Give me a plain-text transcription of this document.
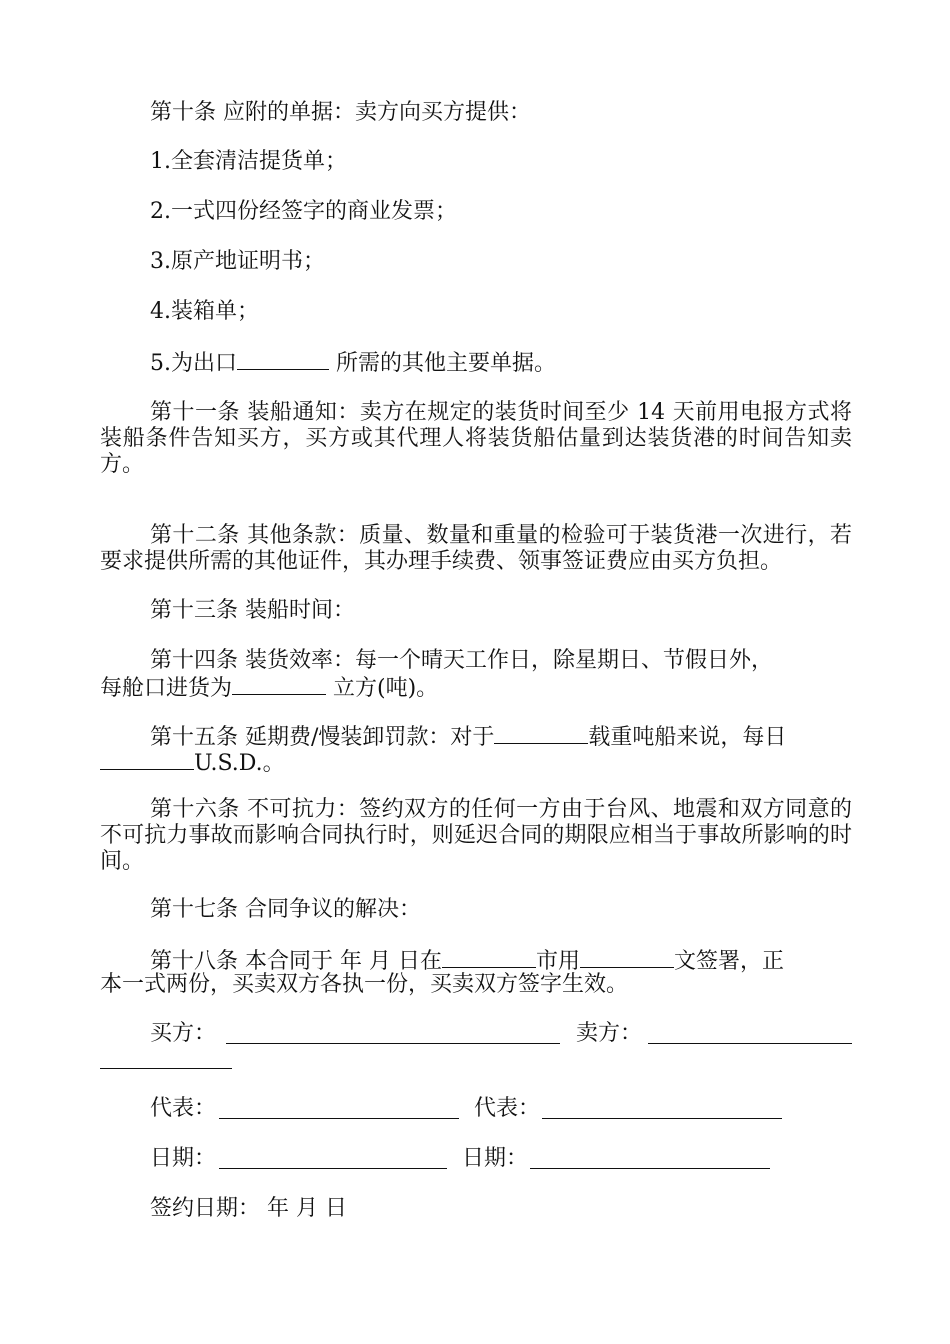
第十条 应附的单据：卖方向买方提供：
1.全套清洁提货单；
2.一式四份经签字的商业发票；
3.原产地证明书；
4.装箱单；
5.为出口	所需的其他主要单据。
第十一条 装船通知：卖方在规定的装货时间至少 14 天前用电报方式将装船条件告知买方，买方或其代理人将装货船估量到达装货港的时间告知卖方。
第十二条 其他条款：质量、数量和重量的检验可于装货港一次进行，若要求提供所需的其他证件，其办理手续费、领事签证费应由买方负担。
第十三条 装船时间：
第十四条 装货效率：每一个晴天工作日，除星期日、节假日外，
每舱口进货为	立方(吨)。
第十五条 延期费/慢装卸罚款：对于	载重吨船来说，每日
U.S.D.。
第十六条 不可抗力：签约双方的任何一方由于台风、地震和双方同意的不可抗力事故而影响合同执行时，则延迟合同的期限应相当于事故所影响的时间。
第十七条 合同争议的解决：
第十八条 本合同于 年 月 日在	市用	文签署，正
本一式两份，买卖双方各执一份，买卖双方签字生效。
买方：	卖方：
代表：	代表：
日期：	日期：
签约日期： 年 月 日
